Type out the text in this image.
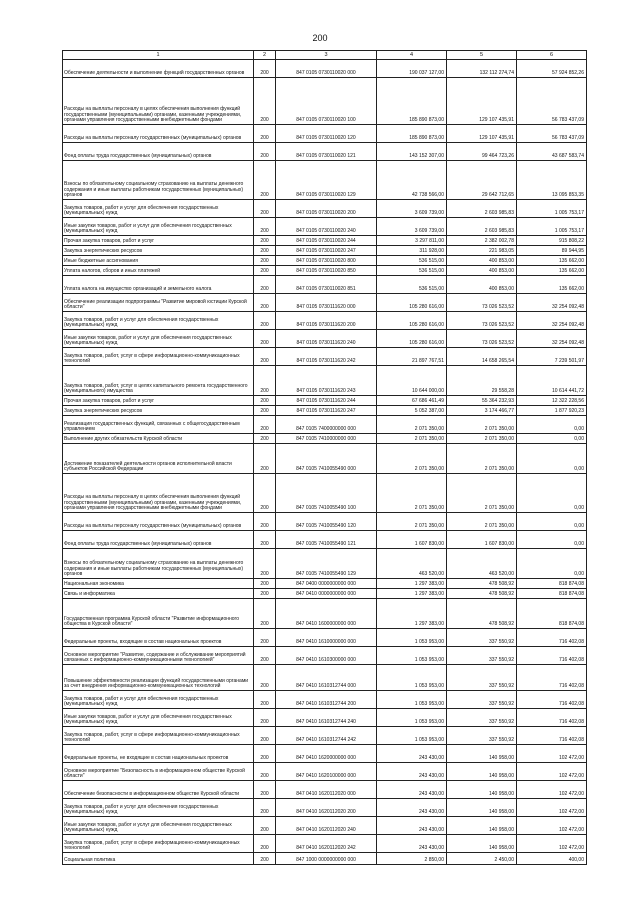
200
1	2	3	4	5	6
Обеспечение деятельности и выполнение функций государственных органов	200	847 0105 0730110020 000	190 037 127,00	132 112 274,74	57 924 852,26
Расходы на выплаты персоналу в целях обеспечения выполнения функций государственными (муниципальными) органами, казенными учреждениями, органами управления государственными внебюджетными фондами	200	847 0105 0730110020 100	185 890 873,00	129 107 435,91	56 783 437,09
Расходы на выплаты персоналу государственных (муниципальных) органов	200	847 0105 0730110020 120	185 890 873,00	129 107 435,91	56 783 437,09
Фонд оплаты труда государственных (муниципальных) органов	200	847 0105 0730110020 121	143 152 307,00	99 464 723,26	43 687 583,74
Взносы по обязательному социальному страхованию на выплаты денежного содержания и иные выплаты работникам государственных (муниципальных) органов	200	847 0105 0730110020 129	42 738 566,00	29 642 712,65	13 095 853,35
Закупка товаров, работ и услуг для обеспечения государственных (муниципальных) нужд	200	847 0105 0730110020 200	3 609 739,00	2 603 985,83	1 005 753,17
Иные закупки товаров, работ и услуг для обеспечения государственных (муниципальных) нужд	200	847 0105 0730110020 240	3 609 739,00	2 603 985,83	1 005 753,17
Прочая закупка товаров, работ и услуг	200	847 0105 0730110020 244	3 297 811,00	2 382 002,78	915 808,22
Закупка энергетических ресурсов	200	847 0105 0730110020 247	311 928,00	221 983,05	89 944,95
Иные бюджетные ассигнования	200	847 0105 0730110020 800	536 515,00	400 853,00	135 662,00
Уплата налогов, сборов и иных платежей	200	847 0105 0730110020 850	536 515,00	400 853,00	135 662,00
Уплата налога на имущество организаций и земельного налога	200	847 0105 0730110020 851	536 515,00	400 853,00	135 662,00
Обеспечение реализации подпрограммы "Развитие мировой юстиции Курской области"	200	847 0105 0730111620 000	105 280 616,00	73 026 523,52	32 254 092,48
Закупка товаров, работ и услуг для обеспечения государственных (муниципальных) нужд	200	847 0105 0730111620 200	105 280 616,00	73 026 523,52	32 254 092,48
Иные закупки товаров, работ и услуг для обеспечения государственных (муниципальных) нужд	200	847 0105 0730111620 240	105 280 616,00	73 026 523,52	32 254 092,48
Закупка товаров, работ, услуг в сфере информационно-коммуникационных технологий	200	847 0105 0730111620 242	21 897 767,51	14 658 265,54	7 239 501,97
Закупка товаров, работ, услуг в целях капитального ремонта государственного (муниципального) имущества	200	847 0105 0730111620 243	10 644 000,00	29 558,28	10 614 441,72
Прочая закупка товаров, работ и услуг	200	847 0105 0730111620 244	67 686 461,49	55 364 232,93	12 322 228,56
Закупка энергетических ресурсов	200	847 0105 0730111620 247	5 052 387,00	3 174 466,77	1 877 920,23
Реализация государственных функций, связанных с общегосударственным управлением	200	847 0105 7400000000 000	2 071 350,00	2 071 350,00	0,00
Выполнение других обязательств Курской области	200	847 0105 7410000000 000	2 071 350,00	2 071 350,00	0,00
Достижение показателей деятельности органов исполнительной власти субъектов Российской Федерации	200	847 0105 7410055490 000	2 071 350,00	2 071 350,00	0,00
Расходы на выплаты персоналу в целях обеспечения выполнения функций государственными (муниципальными) органами, казенными учреждениями, органами управления государственными внебюджетными фондами	200	847 0105 7410055490 100	2 071 350,00	2 071 350,00	0,00
Расходы на выплаты персоналу государственных (муниципальных) органов	200	847 0105 7410055490 120	2 071 350,00	2 071 350,00	0,00
Фонд оплаты труда государственных (муниципальных) органов	200	847 0105 7410055490 121	1 607 830,00	1 607 830,00	0,00
Взносы по обязательному социальному страхованию на выплаты денежного содержания и иные выплаты работникам государственных (муниципальных) органов	200	847 0105 7410055490 129	463 520,00	463 520,00	0,00
Национальная экономика	200	847 0400 0000000000 000	1 297 383,00	478 508,92	818 874,08
Связь и информатика	200	847 0410 0000000000 000	1 297 383,00	478 508,92	818 874,08
Государственная программа Курской области "Развитие информационного общества в Курской области"	200	847 0410 1600000000 000	1 297 383,00	478 508,92	818 874,08
Федеральные проекты, входящие в состав национальных проектов	200	847 0410 1610000000 000	1 053 953,00	337 550,92	716 402,08
Основное мероприятие "Развитие, содержание и обслуживание мероприятий связанных с информационно-коммуникационными технологией"	200	847 0410 1610300000 000	1 053 953,00	337 550,92	716 402,08
Повышение эффективности реализации функций государственными органами за счет внедрения информационно-коммуникационных технологий	200	847 0410 1610312744 000	1 053 953,00	337 550,92	716 402,08
Закупка товаров, работ и услуг для обеспечения государственных (муниципальных) нужд	200	847 0410 1610312744 200	1 053 953,00	337 550,92	716 402,08
Иные закупки товаров, работ и услуг для обеспечения государственных (муниципальных) нужд	200	847 0410 1610312744 240	1 053 953,00	337 550,92	716 402,08
Закупка товаров, работ, услуг в сфере информационно-коммуникационных технологий	200	847 0410 1610312744 242	1 053 953,00	337 550,92	716 402,08
Федеральные проекты, не входящие в состав национальных проектов	200	847 0410 1620000000 000	243 430,00	140 958,00	102 472,00
Основное мероприятие "Безопасность в информационном обществе Курской области"	200	847 0410 1620100000 000	243 430,00	140 958,00	102 472,00
Обеспечение безопасности в информационном обществе Курской области	200	847 0410 1620112020 000	243 430,00	140 958,00	102 472,00
Закупка товаров, работ и услуг для обеспечения государственных (муниципальных) нужд	200	847 0410 1620112020 200	243 430,00	140 958,00	102 472,00
Иные закупки товаров, работ и услуг для обеспечения государственных (муниципальных) нужд	200	847 0410 1620112020 240	243 430,00	140 958,00	102 472,00
Закупка товаров, работ, услуг в сфере информационно-коммуникационных технологий	200	847 0410 1620112020 242	243 430,00	140 958,00	102 472,00
Социальная политика	200	847 1000 0000000000 000	2 850,00	2 450,00	400,00
